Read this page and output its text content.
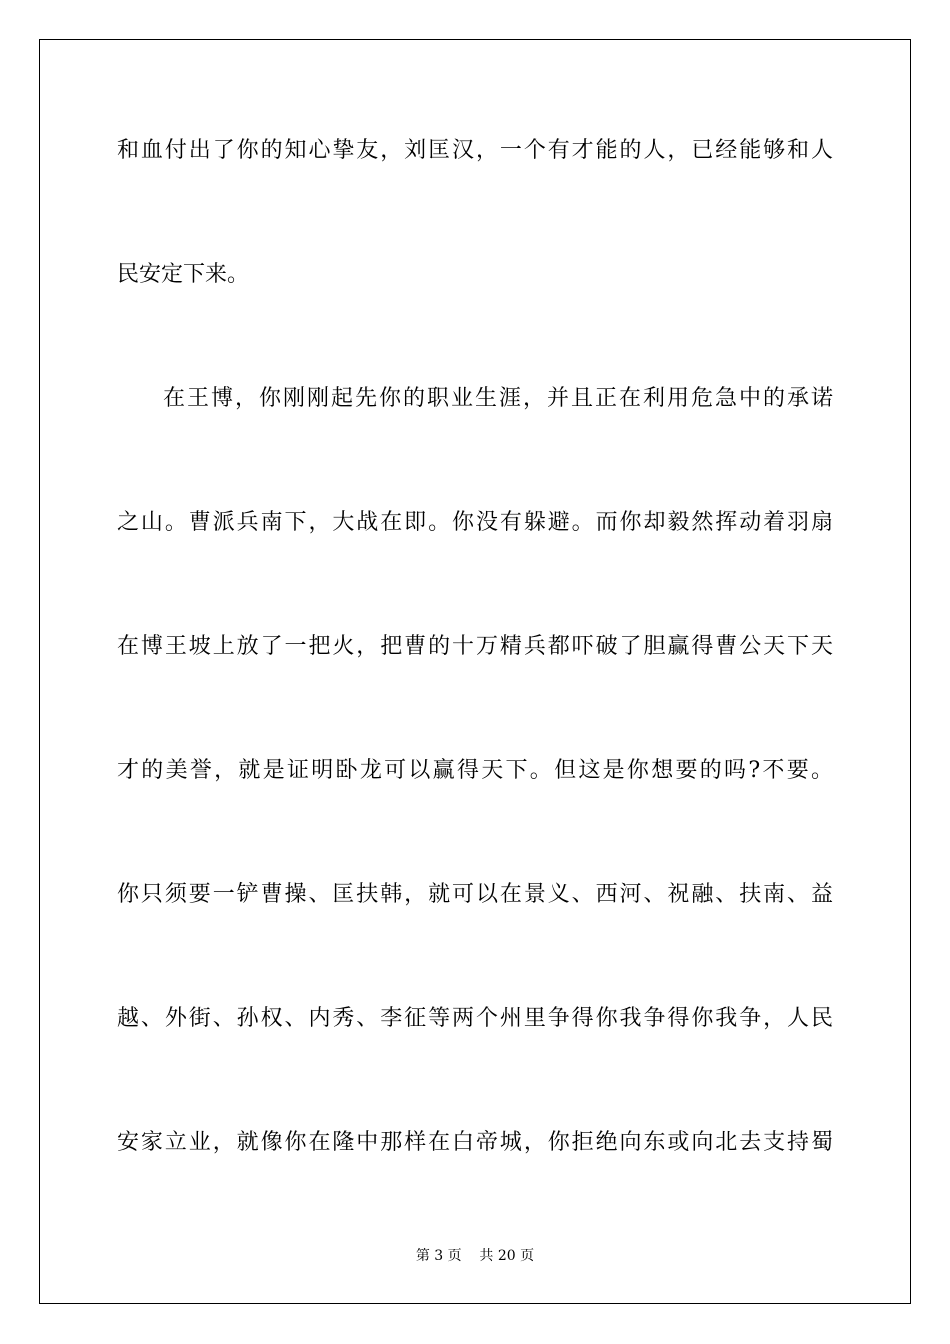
和血付出了你的知心挚友，刘匡汉，一个有才能的人，已经能够和人
民安定下来。
在王博，你刚刚起先你的职业生涯，并且正在利用危急中的承诺
之山。曹派兵南下，大战在即。你没有躲避。而你却毅然挥动着羽扇
在博王坡上放了一把火，把曹的十万精兵都吓破了胆赢得曹公天下天
才的美誉，就是证明卧龙可以赢得天下。但这是你想要的吗?不要。
你只须要一铲曹操、匡扶韩，就可以在景义、西河、祝融、扶南、益
越、外街、孙权、内秀、李征等两个州里争得你我争得你我争，人民
安家立业，就像你在隆中那样在白帝城，你拒绝向东或向北去支持蜀
第 3 页    共 20 页
